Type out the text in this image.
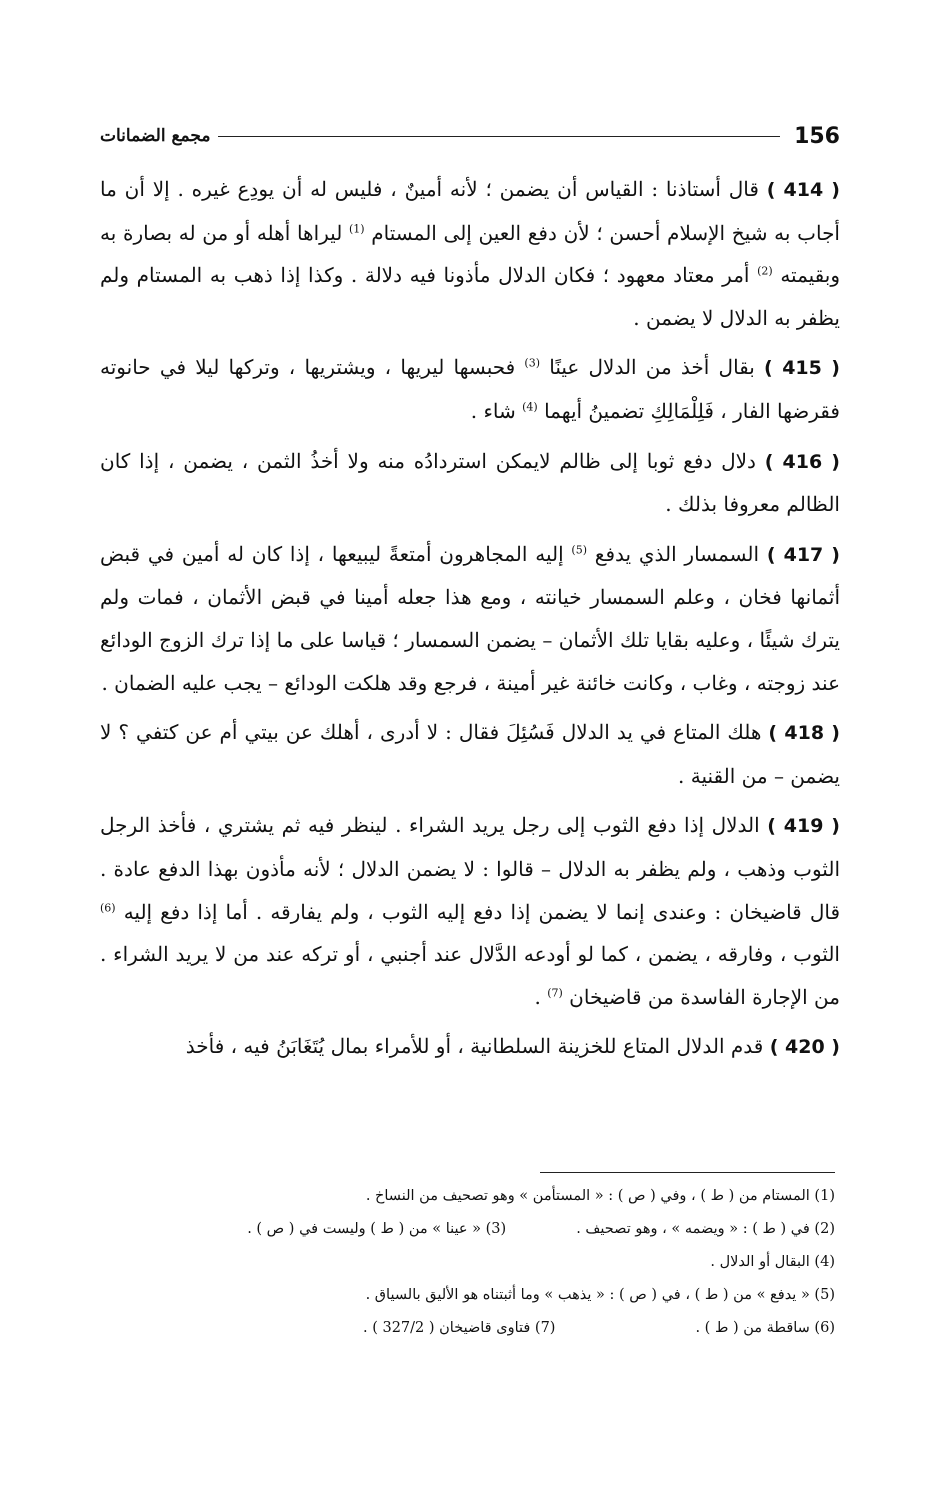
مجمع الضمانات	156

( 414 ) قال أستاذنا : القياس أن يضمن ؛ لأنه أمينٌ ، فليس له أن يودِع غيره . إلا أن ما أجاب به شيخ الإسلام أحسن ؛ لأن دفع العين إلى المستام $^{(1)}$ ليراها أهله أو من له بصارة به وبقيمته $^{(2)}$ أمر معتاد معهود ؛ فكان الدلال مأذونا فيه دلالة . وكذا إذا ذهب به المستام ولم يظفر به الدلال لا يضمن .

( 415 ) بقال أخذ من الدلال عينًا $^{(3)}$ فحبسها ليريها ، ويشتريها ، وتركها ليلا في حانوته فقرضها الفار ، فَلِلْمَالِكِ تضمينُ أيهما $^{(4)}$ شاء .

( 416 ) دلال دفع ثوبا إلى ظالم لايمكن استردادُه منه ولا أخذُ الثمن ، يضمن ، إذا كان الظالم معروفا بذلك .

( 417 ) السمسار الذي يدفع $^{(5)}$ إليه المجاهرون أمتعةً ليبيعها ، إذا كان له أمين في قبض أثمانها فخان ، وعلم السمسار خيانته ، ومع هذا جعله أمينا في قبض الأثمان ، فمات ولم يترك شيئًا ، وعليه بقايا تلك الأثمان – يضمن السمسار ؛ قياسا على ما إذا ترك الزوج الودائع عند زوجته ، وغاب ، وكانت خائنة غير أمينة ، فرجع وقد هلكت الودائع – يجب عليه الضمان .

( 418 ) هلك المتاع في يد الدلال فَسُئِلَ فقال : لا أدرى ، أهلك عن بيتي أم عن كتفي ؟ لا يضمن – من القنية .

( 419 ) الدلال إذا دفع الثوب إلى رجل يريد الشراء . لينظر فيه ثم يشتري ، فأخذ الرجل الثوب وذهب ، ولم يظفر به الدلال – قالوا : لا يضمن الدلال ؛ لأنه مأذون بهذا الدفع عادة . قال قاضيخان : وعندى إنما لا يضمن إذا دفع إليه الثوب ، ولم يفارقه . أما إذا دفع إليه $^{(6)}$ الثوب ، وفارقه ، يضمن ، كما لو أودعه الدَّلال عند أجنبي ، أو تركه عند من لا يريد الشراء . من الإجارة الفاسدة من قاضيخان $^{(7)}$ .

( 420 ) قدم الدلال المتاع للخزينة السلطانية ، أو للأمراء بمال يُتَغَابَنُ فيه ، فأخذ

(1) المستام من ( ط ) ، وفي ( ص ) : « المستأمن » وهو تصحيف من النساخ .
(2) في ( ط ) : « ويضمه » ، وهو تصحيف .
(3) « عينا » من ( ط ) وليست في ( ص ) .
(4) البقال أو الدلال .
(5) « يدفع » من ( ط ) ، في ( ص ) : « يذهب » وما أثبتناه هو الأليق بالسياق .
(6) ساقطة من ( ط ) .
(7) فتاوى قاضيخان ( 327/2 ) .
